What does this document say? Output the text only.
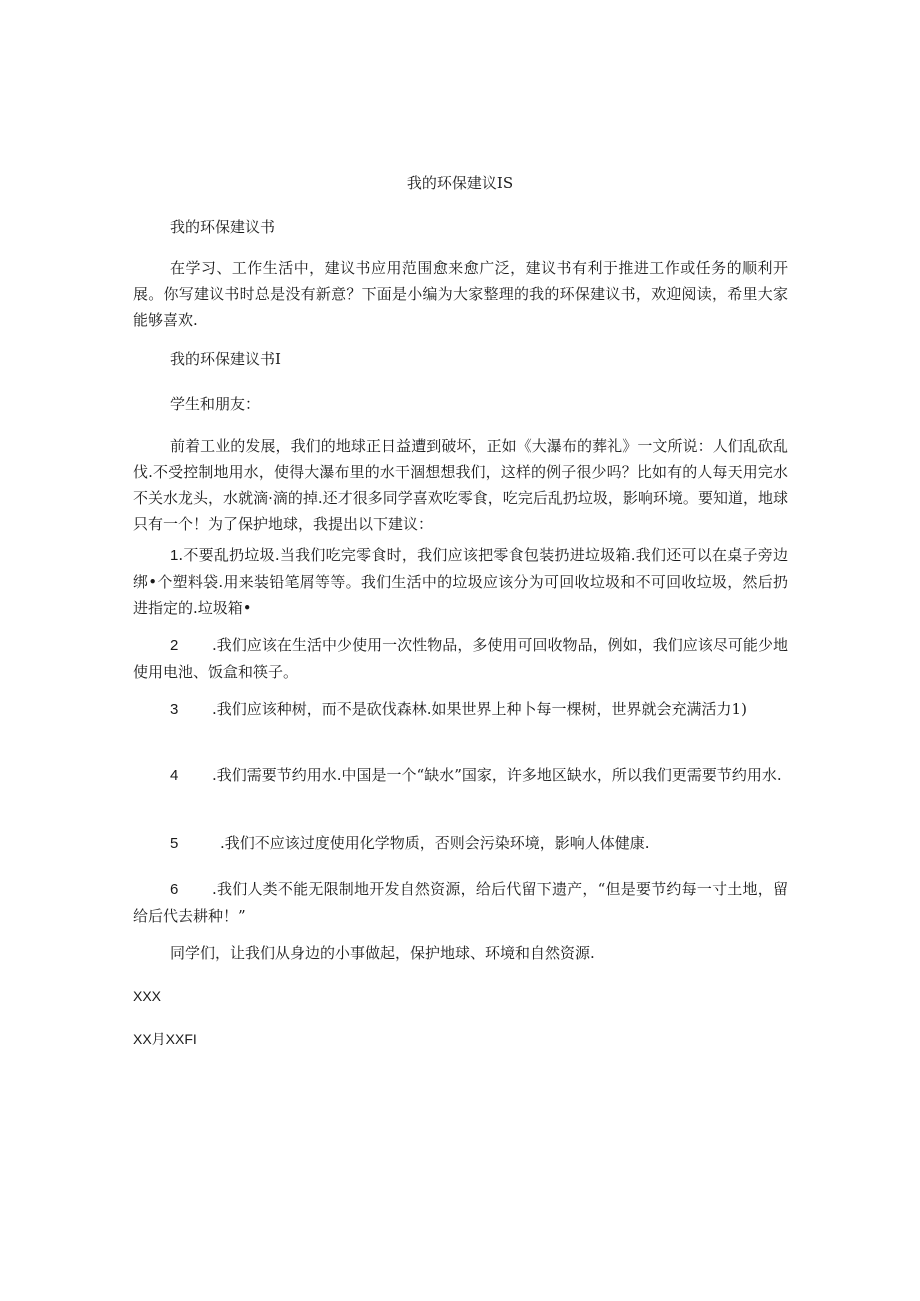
我的环保建议IS
我的环保建议书
在学习、工作生活中，建议书应用范围愈来愈广泛，建议书有利于推进工作或任务的顺利开展。你写建议书时总是没有新意？下面是小编为大家整理的我的环保建议书，欢迎阅读，希里大家能够喜欢.
我的环保建议书I
学生和朋友：
前着工业的发展，我们的地球正日益遭到破坏，正如《大瀑布的葬礼》一文所说：人们乱砍乱伐.不受控制地用水，使得大瀑布里的水干涸想想我们，这样的例子很少吗？比如有的人每天用完水不关水龙头，水就滴·滴的掉.还才很多同学喜欢吃零食，吃完后乱扔垃圾，影响环境。要知道，地球只有一个！为了保护地球，我提出以下建议：
1.不要乱扔垃圾.当我们吃完零食时，我们应该把零食包装扔进垃圾箱.我们还可以在桌子旁边绑•个塑料袋.用来装铅笔屑等等。我们生活中的垃圾应该分为可回收垃圾和不可回收垃圾，然后扔进指定的.垃圾箱•
2 .我们应该在生活中少使用一次性物品，多使用可回收物品，例如，我们应该尽可能少地使用电池、饭盒和筷子。
3 .我们应该种树，而不是砍伐森林.如果世界上种卜每一棵树，世界就会充满活力1)
4 .我们需要节约用水.中国是一个“缺水”国家，许多地区缺水，所以我们更需要节约用水.
5	.我们不应该过度使用化学物质，否则会污染环境，影响人体健康.
6 .我们人类不能无限制地开发自然资源，给后代留下遗产，“但是要节约每一寸土地，留给后代去耕种！”
同学们，让我们从身边的小事做起，保护地球、环境和自然资源.
XXX
XX月XXFI
